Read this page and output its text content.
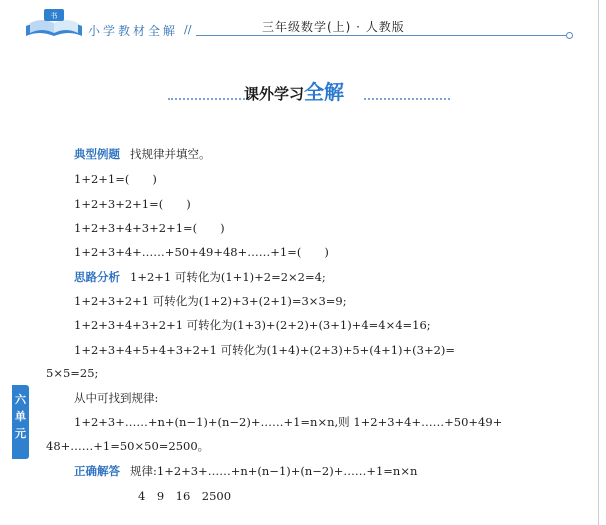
书
小学教材全解 //	三年级数学(上) · 人教版
课外学习全解
六
单
元
典型例题 找规律并填空。
1+2+1=(　　)
1+2+3+2+1=(　　)
1+2+3+4+3+2+1=(　　)
1+2+3+4+……+50+49+48+……+1=(　　)
思路分析 1+2+1 可转化为(1+1)+2=2×2=4;
1+2+3+2+1 可转化为(1+2)+3+(2+1)=3×3=9;
1+2+3+4+3+2+1 可转化为(1+3)+(2+2)+(3+1)+4=4×4=16;
1+2+3+4+5+4+3+2+1 可转化为(1+4)+(2+3)+5+(4+1)+(3+2)=
5×5=25;
从中可找到规律:
1+2+3+……+n+(n−1)+(n−2)+……+1=n×n,则 1+2+3+4+……+50+49+
48+……+1=50×50=2500。
正确解答 规律:1+2+3+……+n+(n−1)+(n−2)+……+1=n×n
4　9　16　2500
